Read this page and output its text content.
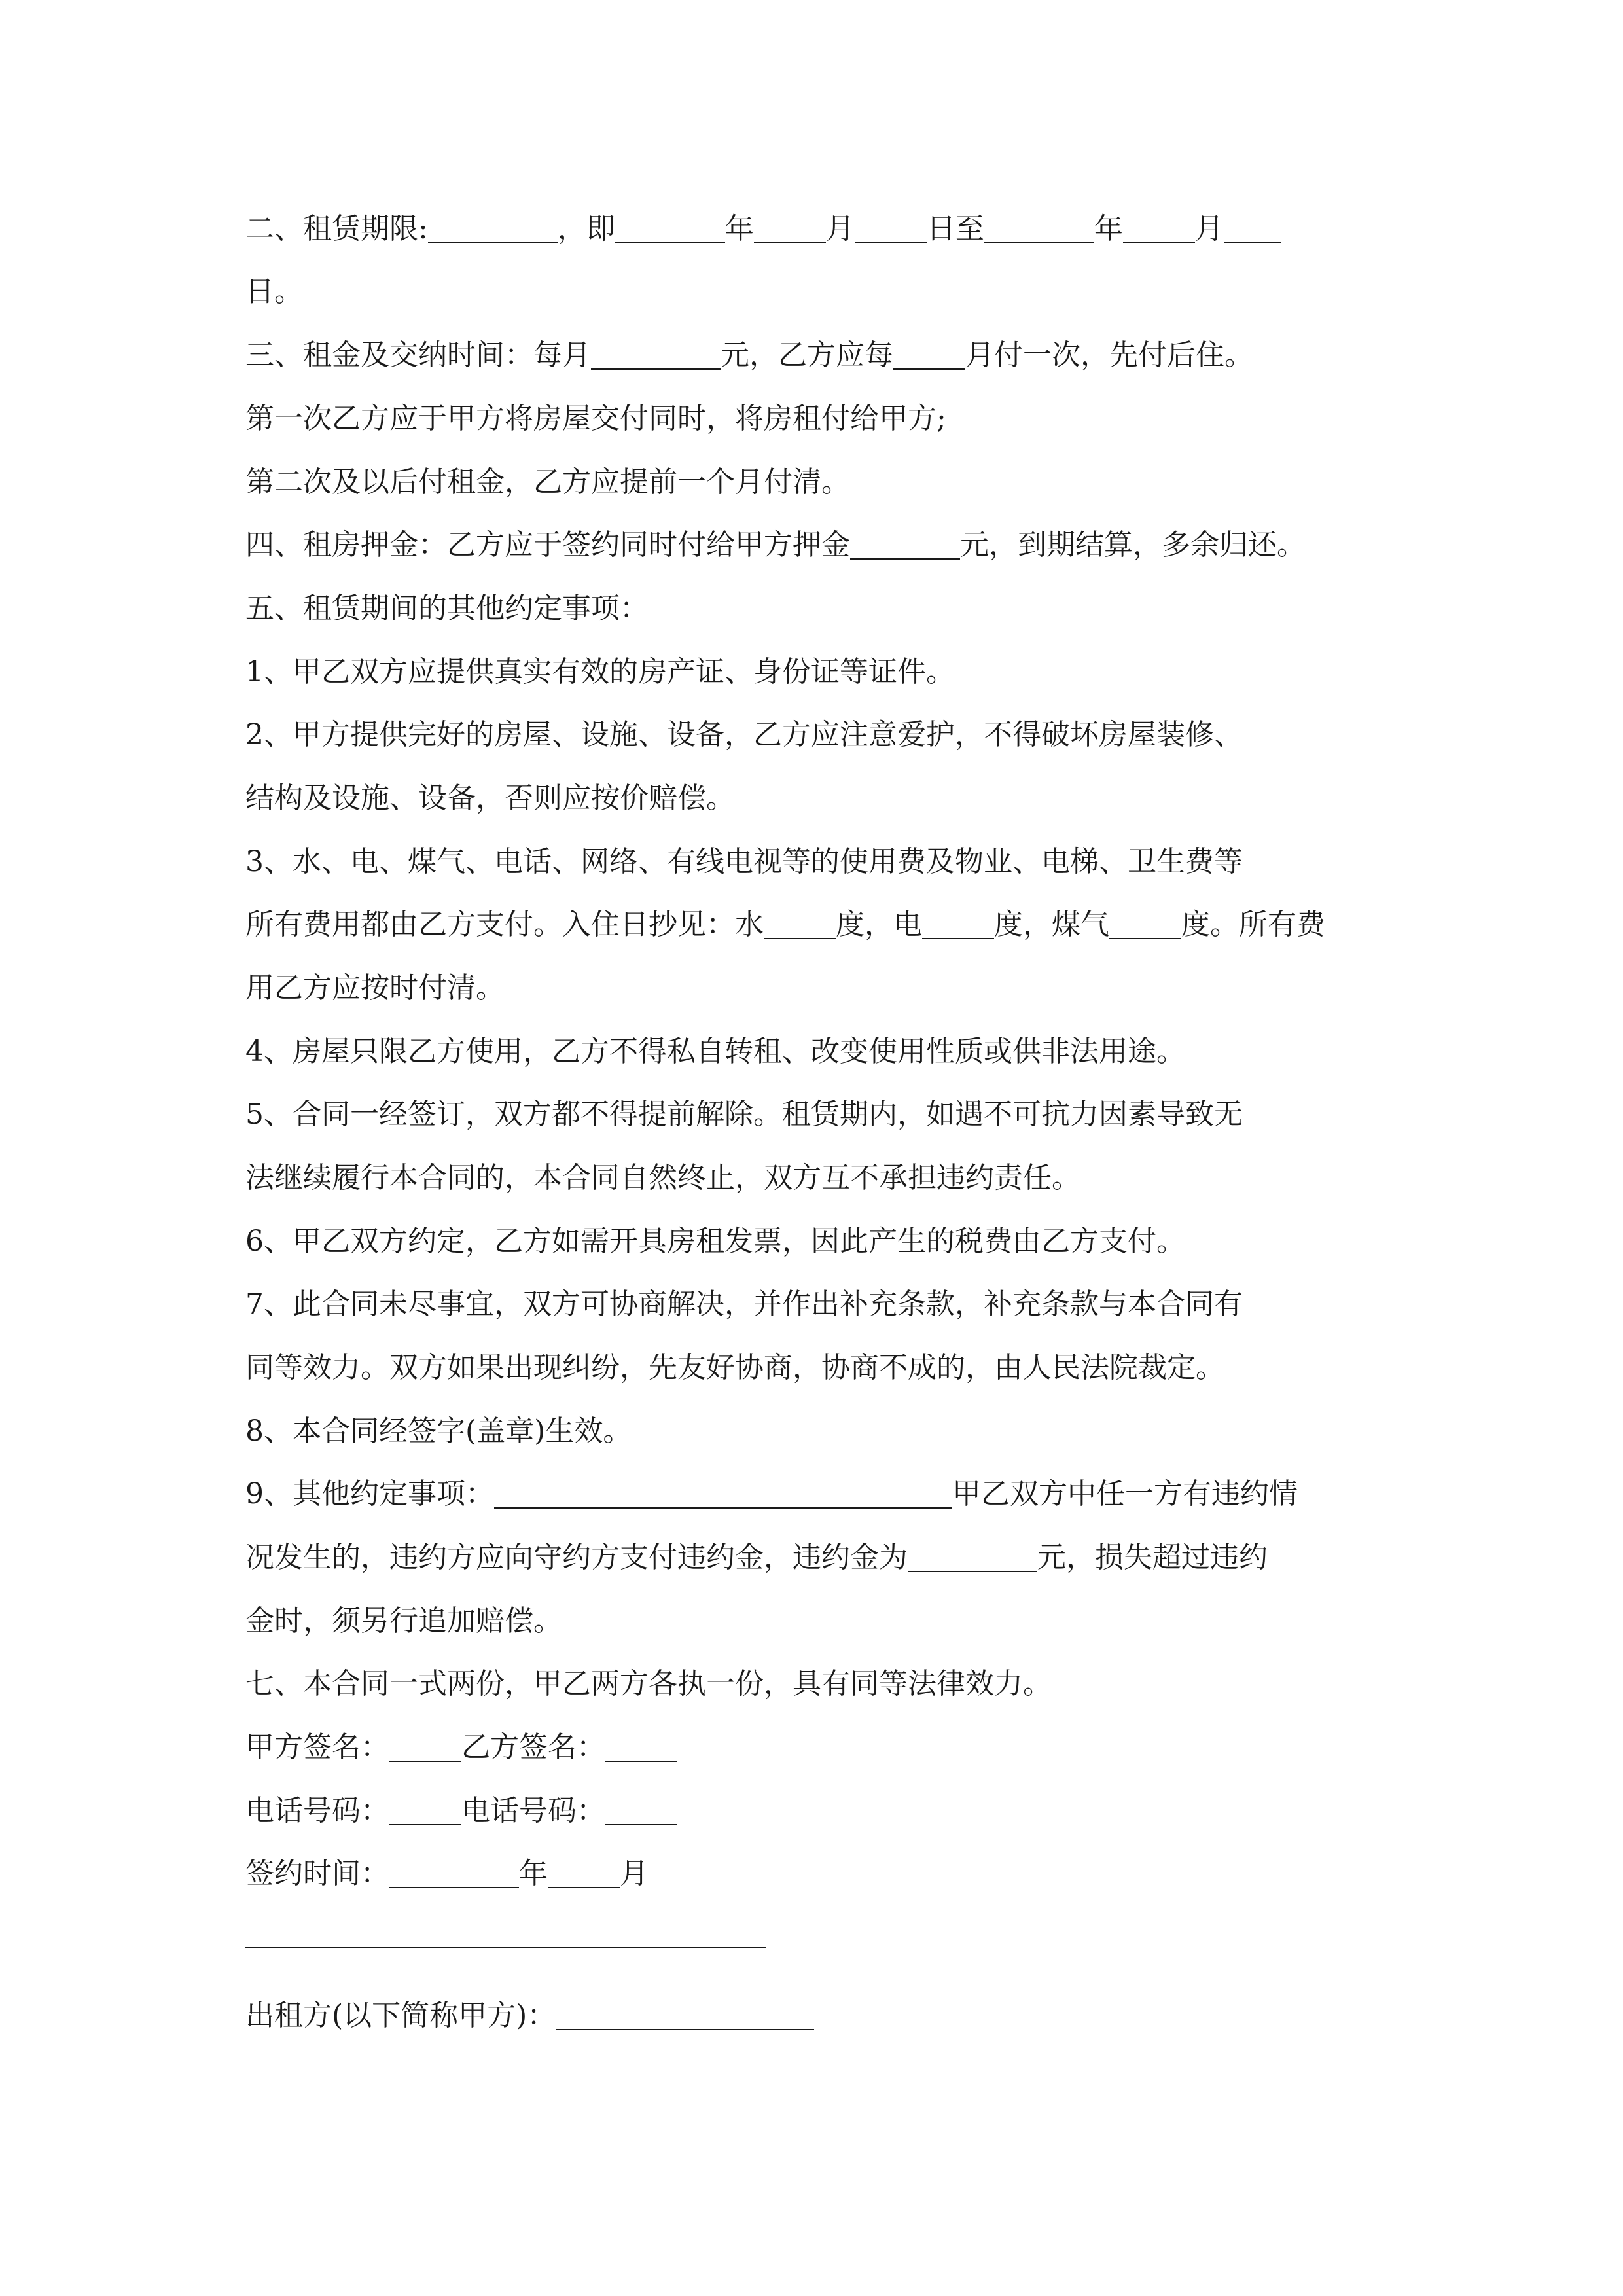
二、租赁期限:	，即	年	月	日至	年	月
日。
三、租金及交纳时间：每月	元，乙方应每	月付一次，先付后住。
第一次乙方应于甲方将房屋交付同时，将房租付给甲方;
第二次及以后付租金，乙方应提前一个月付清。
四、租房押金：乙方应于签约同时付给甲方押金	元，到期结算，多余归还。
五、租赁期间的其他约定事项：
1、甲乙双方应提供真实有效的房产证、身份证等证件。
2、甲方提供完好的房屋、设施、设备，乙方应注意爱护，不得破坏房屋装修、
结构及设施、设备，否则应按价赔偿。
3、水、电、煤气、电话、网络、有线电视等的使用费及物业、电梯、卫生费等
所有费用都由乙方支付。入住日抄见：水	度，电	度，煤气	度。所有费
用乙方应按时付清。
4、房屋只限乙方使用，乙方不得私自转租、改变使用性质或供非法用途。
5、合同一经签订，双方都不得提前解除。租赁期内，如遇不可抗力因素导致无
法继续履行本合同的，本合同自然终止，双方互不承担违约责任。
6、甲乙双方约定，乙方如需开具房租发票，因此产生的税费由乙方支付。
7、此合同未尽事宜，双方可协商解决，并作出补充条款，补充条款与本合同有
同等效力。双方如果出现纠纷，先友好协商，协商不成的，由人民法院裁定。
8、本合同经签字(盖章)生效。
9、其他约定事项：	甲乙双方中任一方有违约情
况发生的，违约方应向守约方支付违约金，违约金为	元，损失超过违约
金时，须另行追加赔偿。
七、本合同一式两份，甲乙两方各执一份，具有同等法律效力。
甲方签名：	乙方签名：
电话号码：	电话号码：
签约时间：	年	月
出租方(以下简称甲方)：
